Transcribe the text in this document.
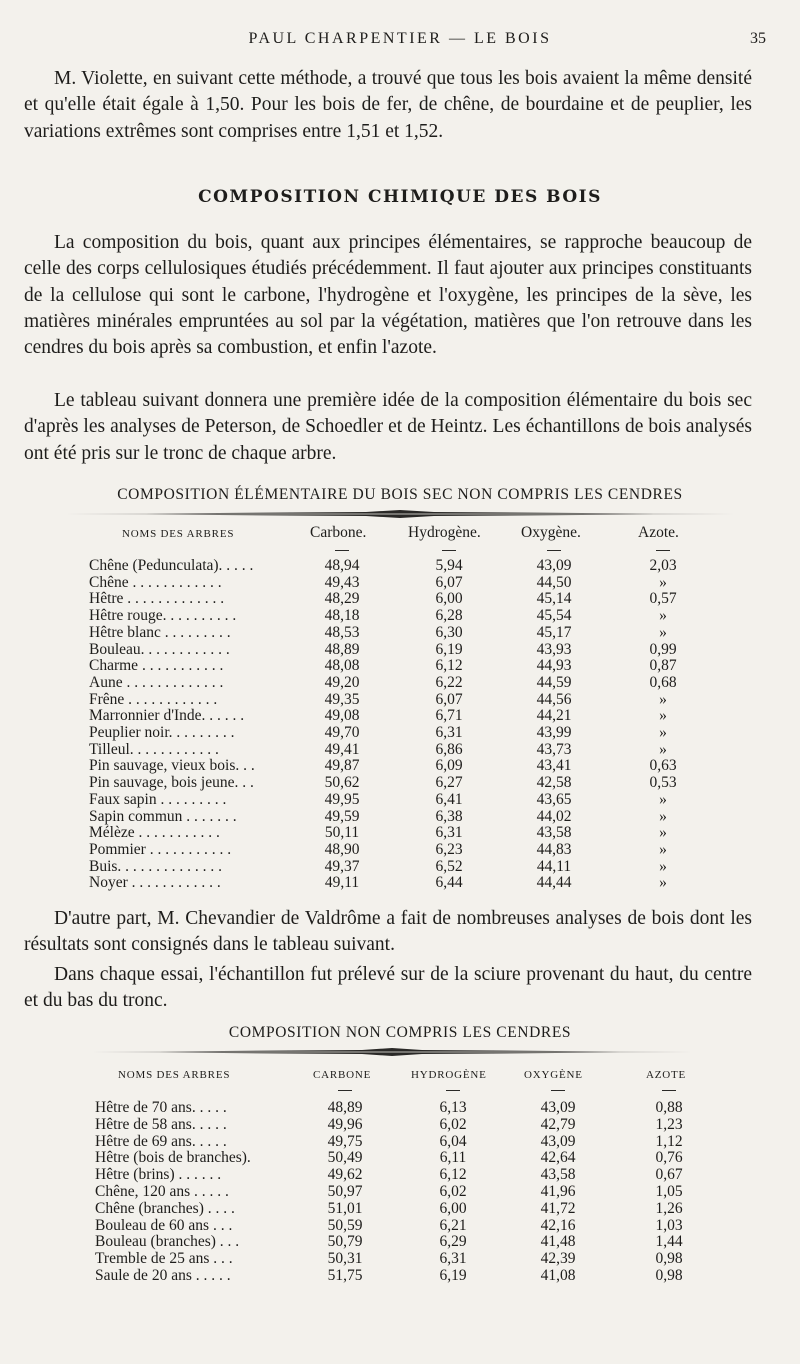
PAUL CHARPENTIER — LE BOIS	35

M. Violette, en suivant cette méthode, a trouvé que tous les bois avaient la même densité et qu'elle était égale à 1,50. Pour les bois de fer, de chêne, de bourdaine et de peuplier, les variations extrêmes sont comprises entre 1,51 et 1,52.

COMPOSITION CHIMIQUE DES BOIS

La composition du bois, quant aux principes élémentaires, se rapproche beaucoup de celle des corps cellulosiques étudiés précédemment. Il faut ajouter aux principes constituants de la cellulose qui sont le carbone, l'hydrogène et l'oxygène, les principes de la sève, les matières minérales empruntées au sol par la végétation, matières que l'on retrouve dans les cendres du bois après sa combustion, et enfin l'azote.

Le tableau suivant donnera une première idée de la composition élémentaire du bois sec d'après les analyses de Peterson, de Schoedler et de Heintz. Les échantillons de bois analysés ont été pris sur le tronc de chaque arbre.

COMPOSITION ÉLÉMENTAIRE DU BOIS SEC NON COMPRIS LES CENDRES
NOMS DES ARBRES	Carbone.	Hydrogène.	Oxygène.	Azote.
Chêne (Pedunculata). . . . .	48,94	5,94	43,09	2,03
Chêne . . . . . . . . . . . .	49,43	6,07	44,50	»
Hêtre . . . . . . . . . . . . .	48,29	6,00	45,14	0,57
Hêtre rouge. . . . . . . . . .	48,18	6,28	45,54	»
Hêtre blanc . . . . . . . . .	48,53	6,30	45,17	»
Bouleau. . . . . . . . . . . .	48,89	6,19	43,93	0,99
Charme . . . . . . . . . . .	48,08	6,12	44,93	0,87
Aune . . . . . . . . . . . . .	49,20	6,22	44,59	0,68
Frêne . . . . . . . . . . . .	49,35	6,07	44,56	»
Marronnier d'Inde. . . . . .	49,08	6,71	44,21	»
Peuplier noir. . . . . . . . .	49,70	6,31	43,99	»
Tilleul. . . . . . . . . . . .	49,41	6,86	43,73	»
Pin sauvage, vieux bois. . .	49,87	6,09	43,41	0,63
Pin sauvage, bois jeune. . .	50,62	6,27	42,58	0,53
Faux sapin . . . . . . . . .	49,95	6,41	43,65	»
Sapin commun . . . . . . .	49,59	6,38	44,02	»
Mélèze . . . . . . . . . . .	50,11	6,31	43,58	»
Pommier . . . . . . . . . . .	48,90	6,23	44,83	»
Buis. . . . . . . . . . . . . .	49,37	6,52	44,11	»
Noyer . . . . . . . . . . . .	49,11	6,44	44,44	»

D'autre part, M. Chevandier de Valdrôme a fait de nombreuses analyses de bois dont les résultats sont consignés dans le tableau suivant.

Dans chaque essai, l'échantillon fut prélevé sur de la sciure provenant du haut, du centre et du bas du tronc.

COMPOSITION NON COMPRIS LES CENDRES
NOMS DES ARBRES	CARBONE	HYDROGÈNE	OXYGÈNE	AZOTE
Hêtre de 70 ans. . . . .	48,89	6,13	43,09	0,88
Hêtre de 58 ans. . . . .	49,96	6,02	42,79	1,23
Hêtre de 69 ans. . . . .	49,75	6,04	43,09	1,12
Hêtre (bois de branches).	50,49	6,11	42,64	0,76
Hêtre (brins) . . . . . .	49,62	6,12	43,58	0,67
Chêne, 120 ans . . . . .	50,97	6,02	41,96	1,05
Chêne (branches) . . . .	51,01	6,00	41,72	1,26
Bouleau de 60 ans . . .	50,59	6,21	42,16	1,03
Bouleau (branches) . . .	50,79	6,29	41,48	1,44
Tremble de 25 ans . . .	50,31	6,31	42,39	0,98
Saule de 20 ans . . . . .	51,75	6,19	41,08	0,98
